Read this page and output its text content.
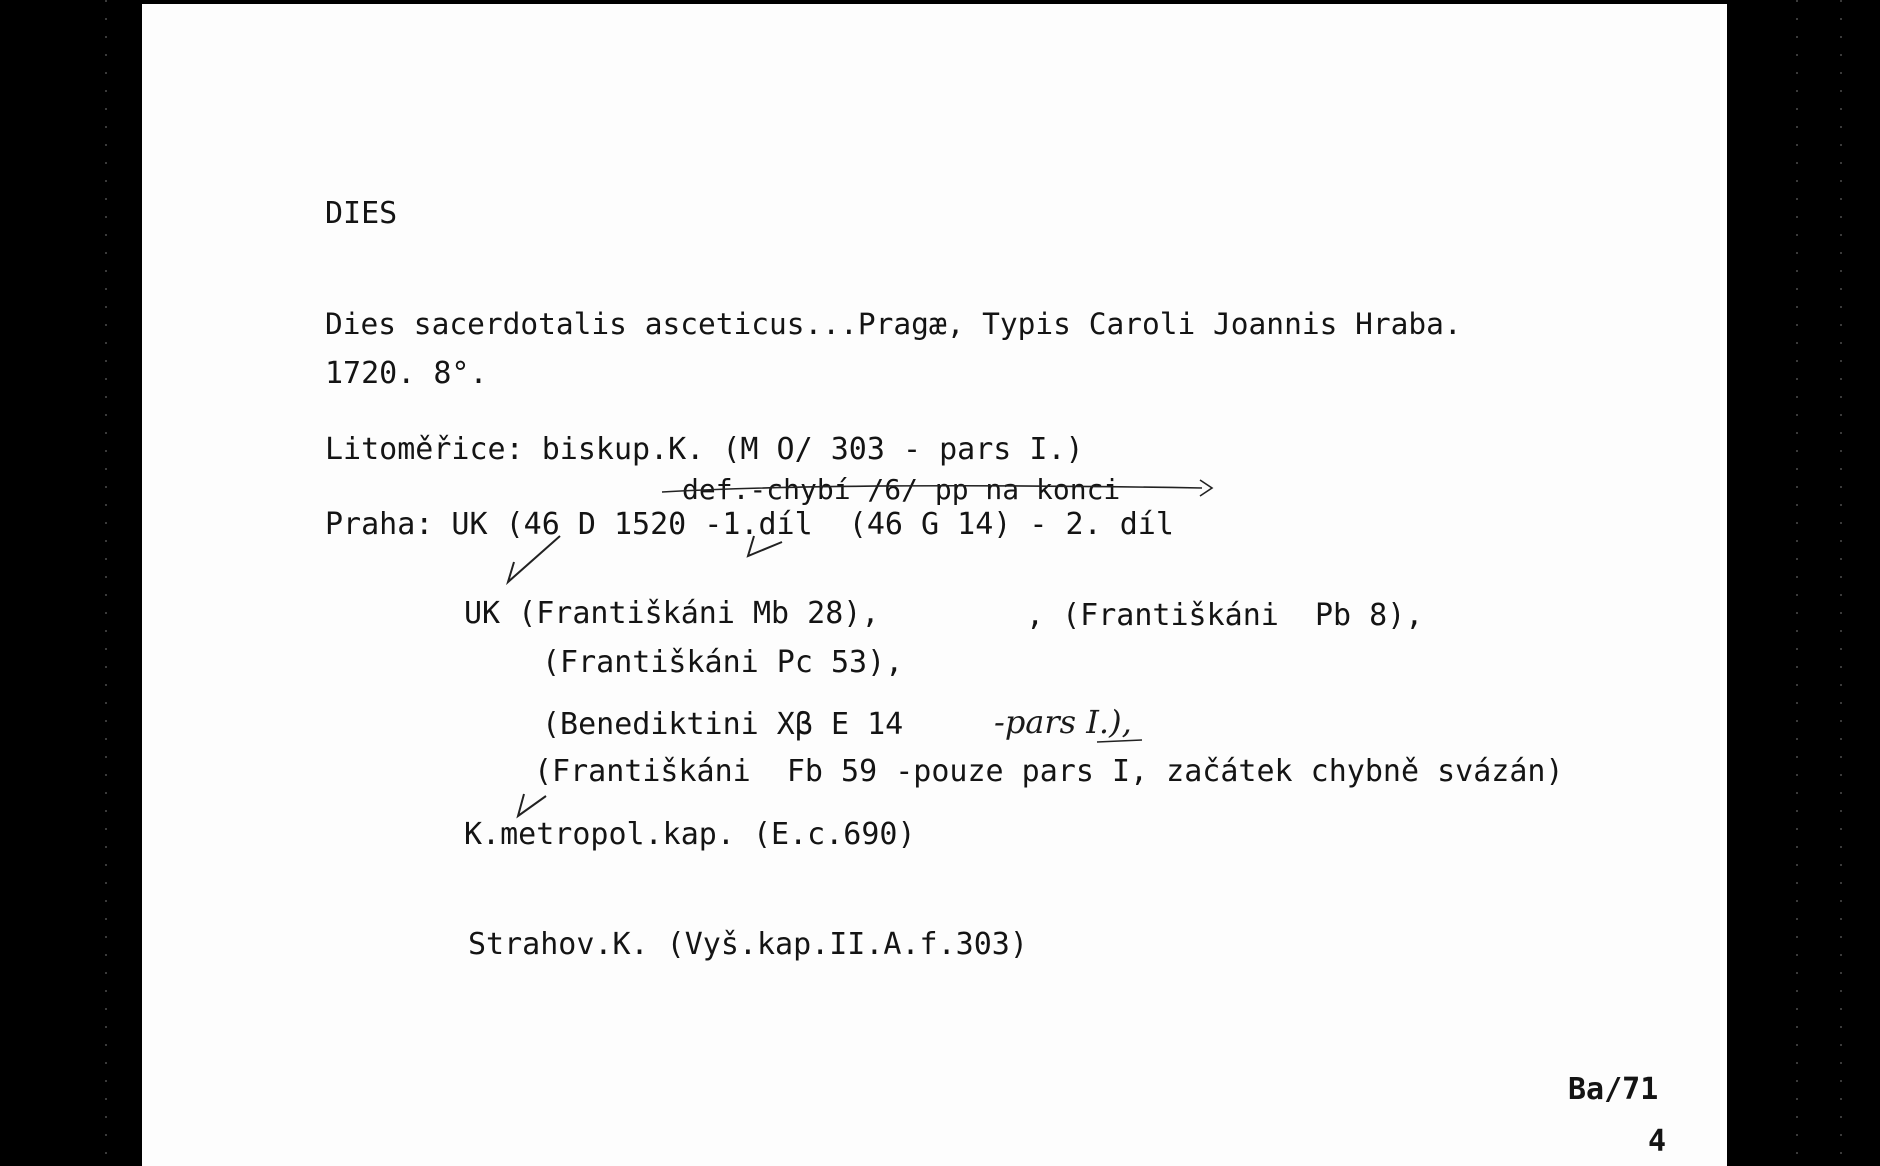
DIES

Dies sacerdotalis asceticus...Pragæ, Typis Caroli Joannis Hraba.

1720. 8°.

Litoměřice: biskup.K. (M O/ 303 - pars I.)

def.-chybí /6/ pp na konci

Praha: UK (46 D 1520 -1.díl  (46 G 14) - 2. díl

UK (Františkáni Mb 28),	, (Františkáni  Pb 8),

(Františkáni Pc 53),

(Benediktini Xβ E 14	-pars I.),

(Františkáni  Fb 59 -pouze pars I, začátek chybně svázán)

K.metropol.kap. (E.c.690)

Strahov.K. (Vyš.kap.II.A.f.303)

Ba/71

4
